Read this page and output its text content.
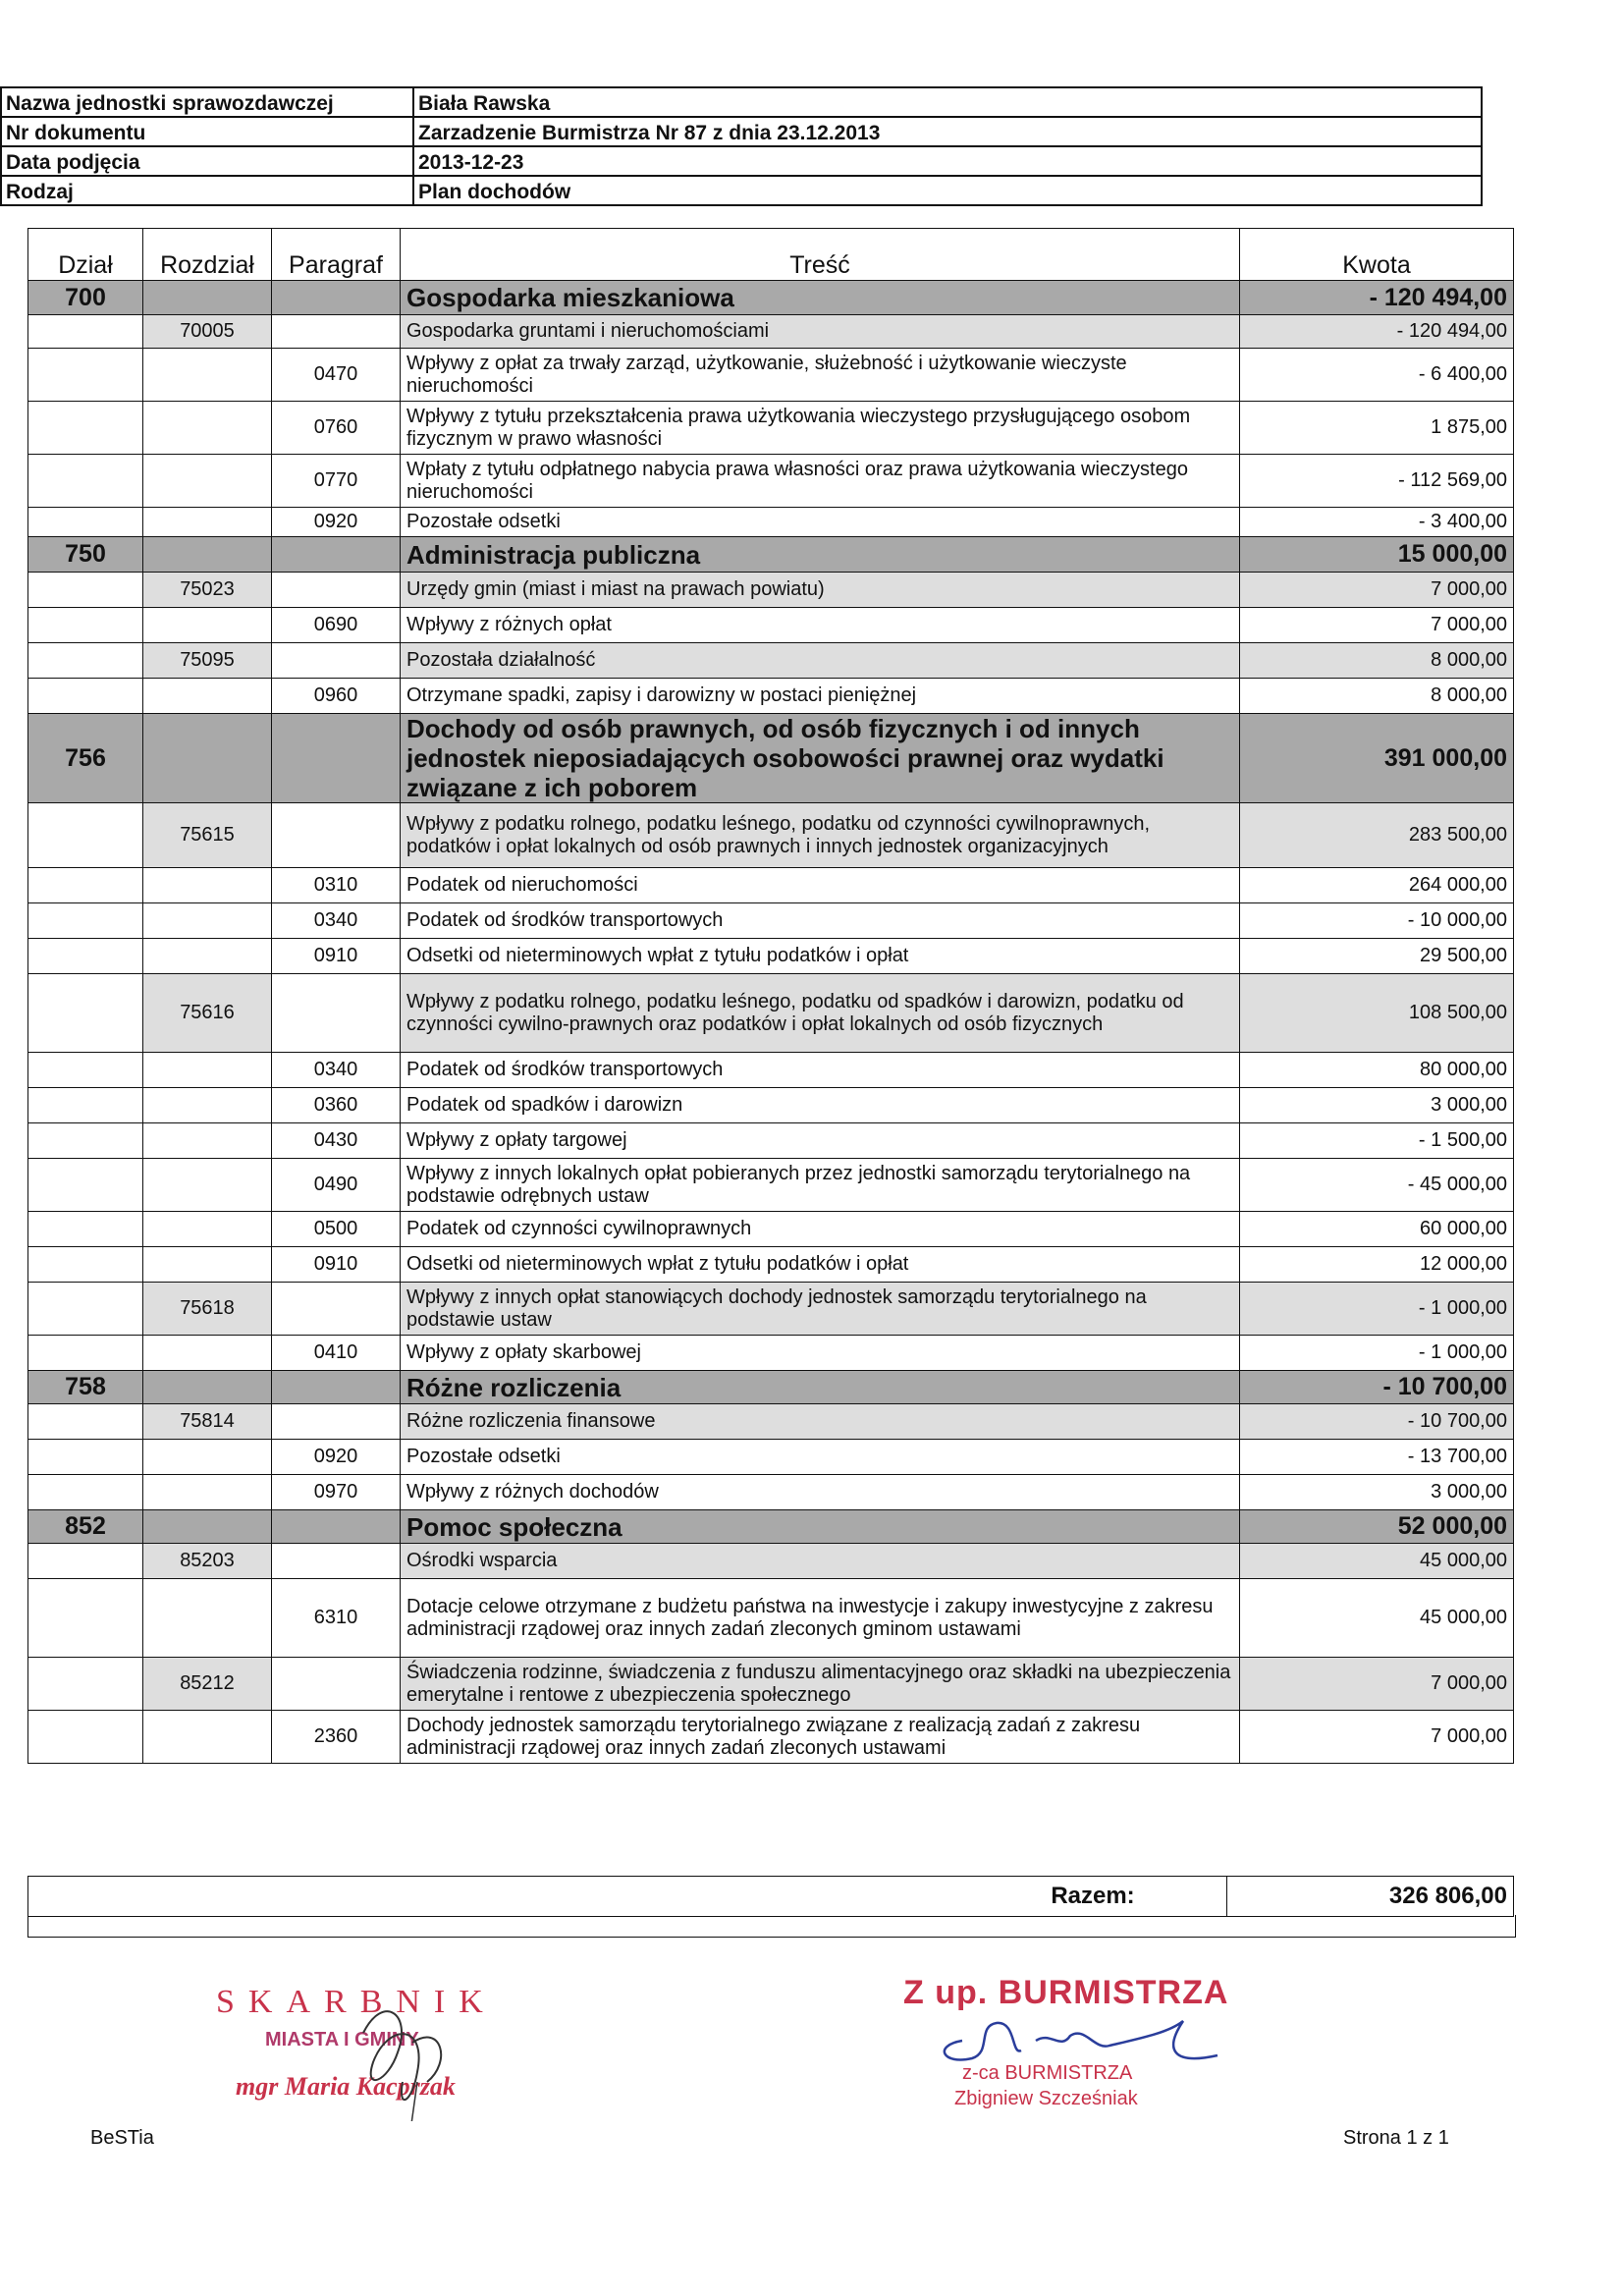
Nazwa jednostki sprawozdawczej	Biała Rawska
Nr dokumentu	Zarzadzenie Burmistrza Nr 87 z dnia 23.12.2013
Data podjęcia	2013-12-23
Rodzaj	Plan dochodów
Dział	Rozdział	Paragraf	Treść	Kwota
700			Gospodarka mieszkaniowa	- 120 494,00
	70005		Gospodarka gruntami i nieruchomościami	- 120 494,00
		0470	Wpływy z opłat za trwały zarząd, użytkowanie, służebność i użytkowanie wieczyste nieruchomości	- 6 400,00
		0760	Wpływy z tytułu przekształcenia prawa użytkowania wieczystego przysługującego osobom fizycznym w prawo własności	1 875,00
		0770	Wpłaty z tytułu odpłatnego nabycia prawa własności oraz prawa użytkowania wieczystego nieruchomości	- 112 569,00
		0920	Pozostałe odsetki	- 3 400,00
750			Administracja publiczna	15 000,00
	75023		Urzędy gmin (miast i miast na prawach powiatu)	7 000,00
		0690	Wpływy z różnych opłat	7 000,00
	75095		Pozostała działalność	8 000,00
		0960	Otrzymane spadki, zapisy i darowizny w postaci pieniężnej	8 000,00
756			Dochody od osób prawnych, od osób fizycznych i od innych jednostek nieposiadających osobowości prawnej oraz wydatki związane z ich poborem	391 000,00
	75615		Wpływy z podatku rolnego, podatku leśnego, podatku od czynności cywilnoprawnych, podatków i opłat lokalnych od osób prawnych i innych jednostek organizacyjnych	283 500,00
		0310	Podatek od nieruchomości	264 000,00
		0340	Podatek od środków transportowych	- 10 000,00
		0910	Odsetki od nieterminowych wpłat z tytułu podatków i opłat	29 500,00
	75616		Wpływy z podatku rolnego, podatku leśnego, podatku od spadków i darowizn, podatku od czynności cywilno-prawnych oraz podatków i opłat lokalnych od osób fizycznych	108 500,00
		0340	Podatek od środków transportowych	80 000,00
		0360	Podatek od spadków i darowizn	3 000,00
		0430	Wpływy z opłaty targowej	- 1 500,00
		0490	Wpływy z innych lokalnych opłat pobieranych przez jednostki samorządu terytorialnego na podstawie odrębnych ustaw	- 45 000,00
		0500	Podatek od czynności cywilnoprawnych	60 000,00
		0910	Odsetki od nieterminowych wpłat z tytułu podatków i opłat	12 000,00
	75618		Wpływy z innych opłat stanowiących dochody jednostek samorządu terytorialnego na podstawie ustaw	- 1 000,00
		0410	Wpływy z opłaty skarbowej	- 1 000,00
758			Różne rozliczenia	- 10 700,00
	75814		Różne rozliczenia finansowe	- 10 700,00
		0920	Pozostałe odsetki	- 13 700,00
		0970	Wpływy z różnych dochodów	3 000,00
852			Pomoc społeczna	52 000,00
	85203		Ośrodki wsparcia	45 000,00
		6310	Dotacje celowe otrzymane z budżetu państwa na inwestycje i zakupy inwestycyjne z zakresu administracji rządowej oraz innych zadań zleconych gminom ustawami	45 000,00
	85212		Świadczenia rodzinne, świadczenia z funduszu alimentacyjnego oraz składki na ubezpieczenia emerytalne i rentowe z ubezpieczenia społecznego	7 000,00
		2360	Dochody jednostek samorządu terytorialnego związane z realizacją zadań z zakresu administracji rządowej oraz innych zadań zleconych ustawami	7 000,00
	Razem:	326 806,00
SKARBNIK
MIASTA I GMINY
mgr Maria Kacprzak
Z up. BURMISTRZA
z-ca BURMISTRZA
Zbigniew Szcześniak
BeSTia	Strona 1 z 1
